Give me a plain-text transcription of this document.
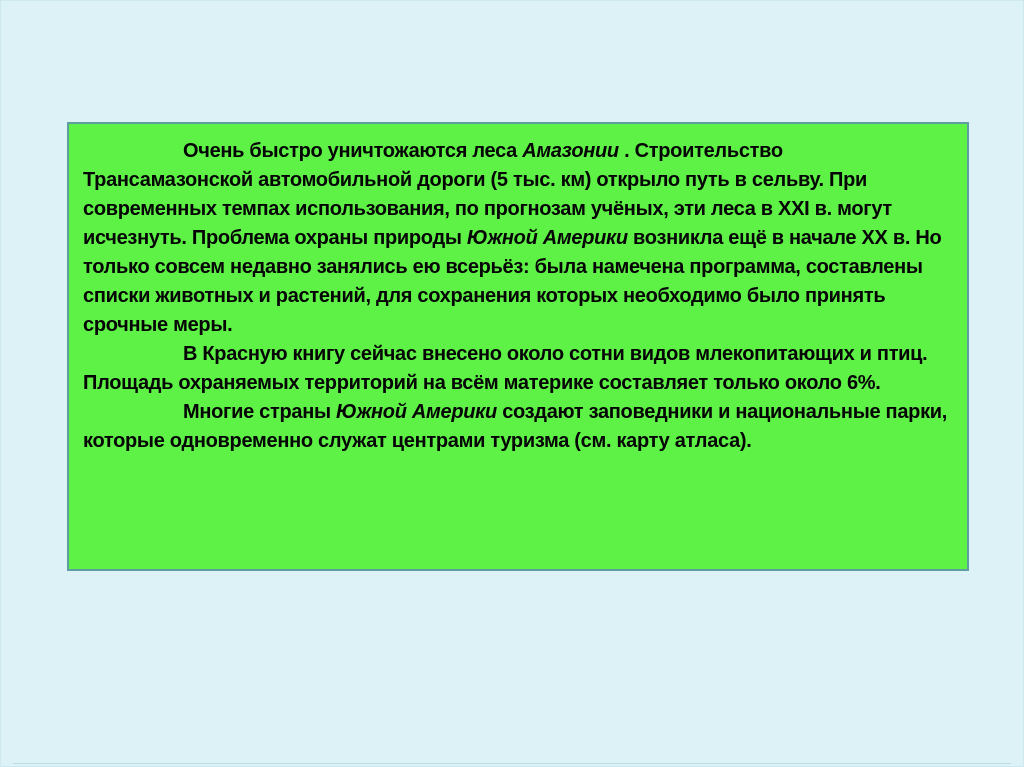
Очень быстро уничтожаются леса Амазонии . Строительство Трансамазонской автомобильной дороги (5 тыс. км) открыло путь в сельву. При современных темпах использования, по прогнозам учёных, эти леса в XXI в. могут исчезнуть. Проблема охраны природы Южной Америки возникла ещё в начале XX в. Но только совсем недавно занялись ею всерьёз: была намечена программа, составлены списки животных и растений, для сохранения которых необходимо было принять срочные меры.

В Красную книгу сейчас внесено около сотни видов млекопитающих и птиц. Площадь охраняемых территорий на всём материке составляет только около 6%.

Многие страны Южной Америки создают заповедники и национальные парки, которые одновременно служат центрами туризма (см. карту атласа).
